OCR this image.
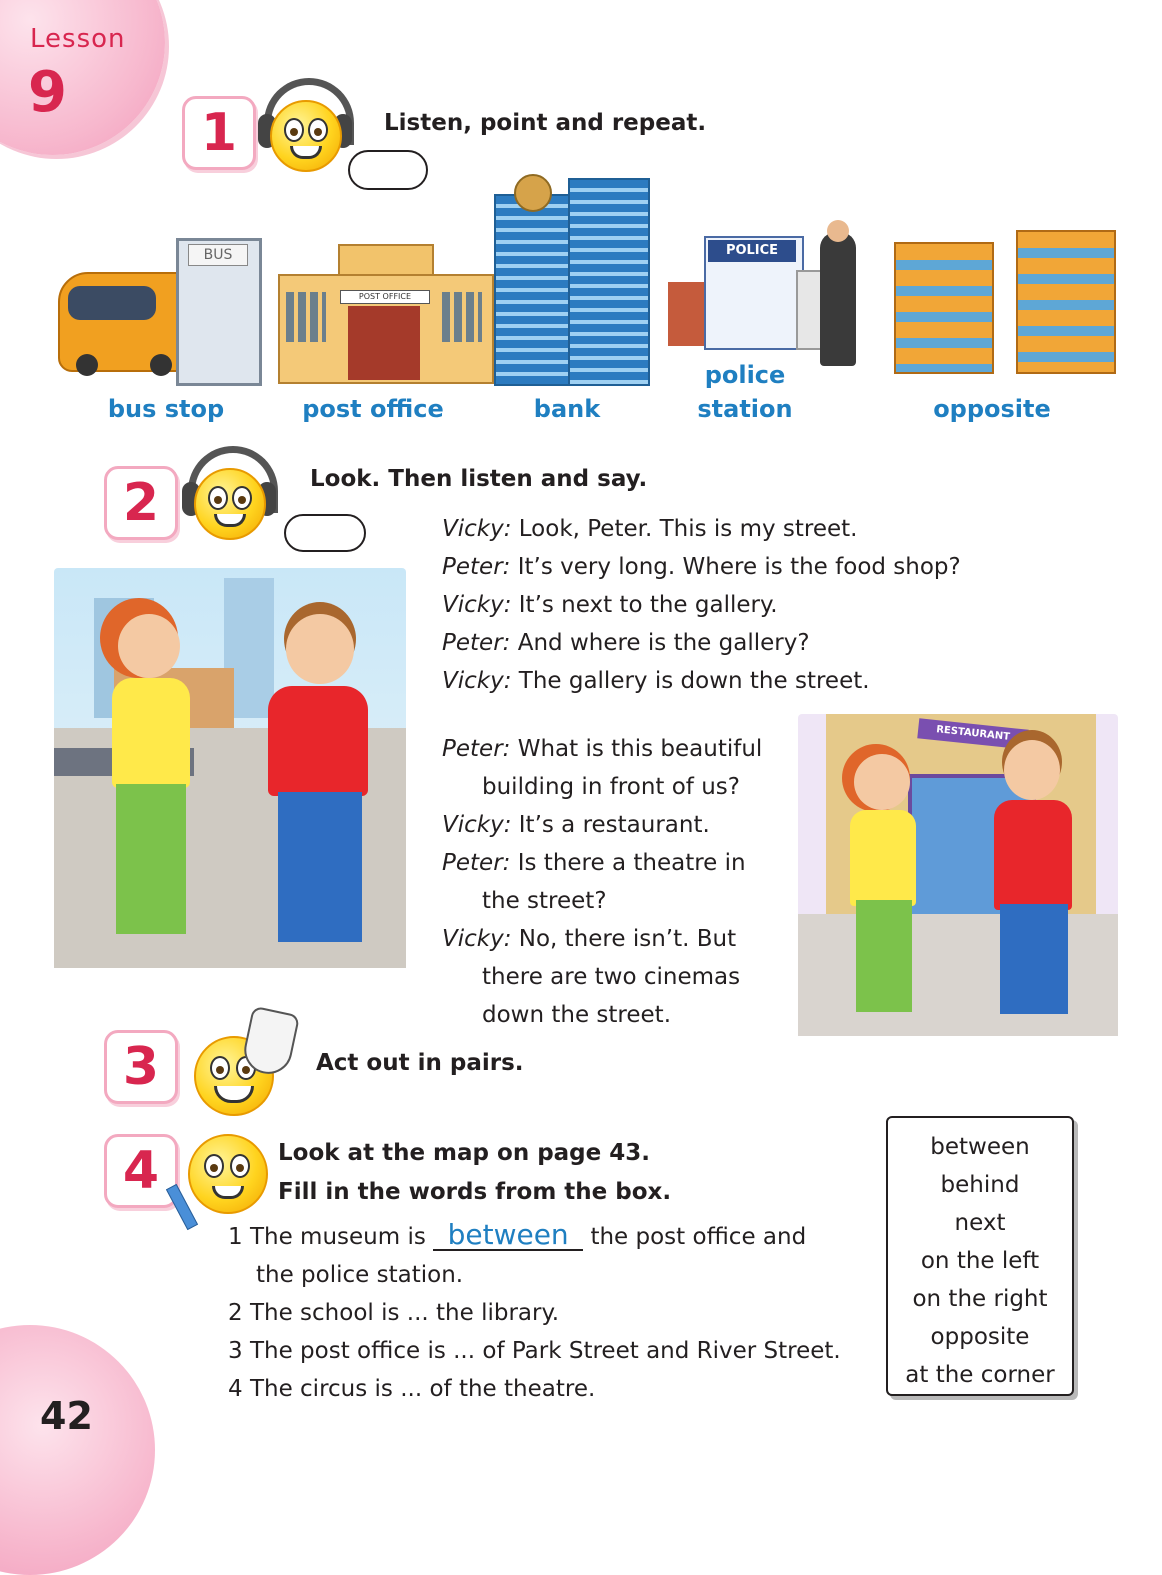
Lesson
9
1	Listen, point and repeat.
BUS
POST OFFICE
POLICE
bus stop	post office	bank
police station	opposite
2	Look. Then listen and say.
Vicky: Look, Peter. This is my street.
Peter: It’s very long. Where is the food shop?
Vicky: It’s next to the gallery.
Peter: And where is the gallery?
Vicky: The gallery is down the street.
Peter: What is this beautiful
building in front of us?
Vicky: It’s a restaurant.
Peter: Is there a theatre in
the street?
Vicky: No, there isn’t. But
there are two cinemas
down the street.
RESTAURANT
3	Act out in pairs.
4	Look at the map on page 43.
Fill in the words from the box.
1 The museum is between the post office and
the police station.
2 The school is ... the library.
3 The post office is ... of Park Street and River Street.
4 The circus is ... of the theatre.
between
behind
next
on the left
on the right
opposite
at the corner
42
